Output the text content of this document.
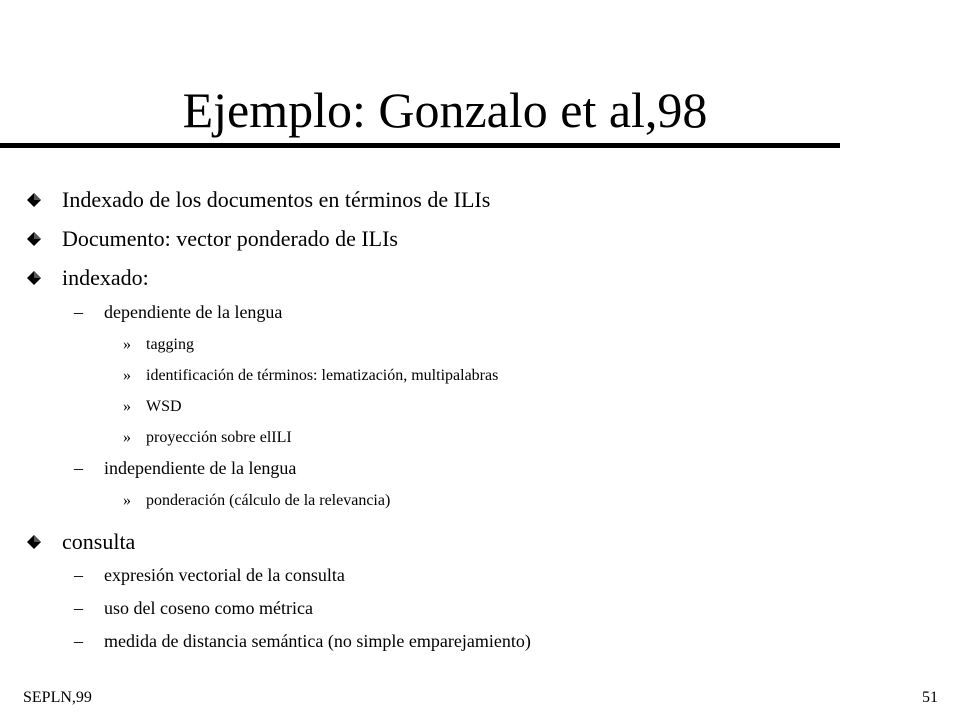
Ejemplo: Gonzalo et al,98
Indexado de los documentos en términos de ILIs
Documento: vector ponderado de ILIs
indexado:
– dependiente de la lengua
» tagging
» identificación de términos: lematización, multipalabras
» WSD
» proyección sobre elILI
– independiente de la lengua
» ponderación (cálculo de la relevancia)
consulta
– expresión vectorial de la consulta
– uso del coseno como métrica
– medida de distancia semántica (no simple emparejamiento)
SEPLN,99	51
